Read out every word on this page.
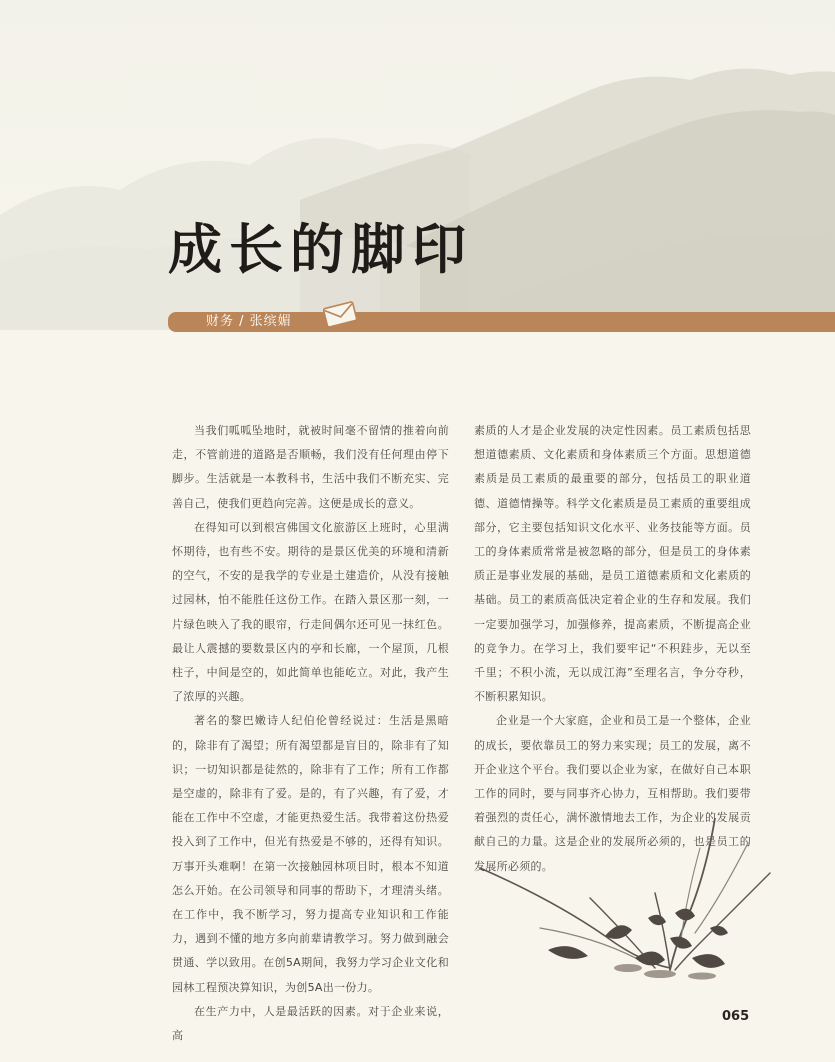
成长的脚印
财务 / 张缤媚

当我们呱呱坠地时，就被时间毫不留情的推着向前走，不管前进的道路是否顺畅，我们没有任何理由停下脚步。生活就是一本教科书，生活中我们不断充实、完善自己，使我们更趋向完善。这便是成长的意义。

在得知可以到根宫佛国文化旅游区上班时，心里满怀期待，也有些不安。期待的是景区优美的环境和清新的空气，不安的是我学的专业是土建造价，从没有接触过园林，怕不能胜任这份工作。在踏入景区那一刻，一片绿色映入了我的眼帘，行走间偶尔还可见一抹红色。最让人震撼的要数景区内的亭和长廊，一个屋顶，几根柱子，中间是空的，如此简单也能屹立。对此，我产生了浓厚的兴趣。

著名的黎巴嫩诗人纪伯伦曾经说过：生活是黑暗的，除非有了渴望；所有渴望都是盲目的，除非有了知识；一切知识都是徒然的，除非有了工作；所有工作都是空虚的，除非有了爱。是的，有了兴趣，有了爱，才能在工作中不空虚，才能更热爱生活。我带着这份热爱投入到了工作中，但光有热爱是不够的，还得有知识。万事开头难啊！在第一次接触园林项目时，根本不知道怎么开始。在公司领导和同事的帮助下，才理清头绪。在工作中，我不断学习，努力提高专业知识和工作能力，遇到不懂的地方多向前辈请教学习。努力做到融会贯通、学以致用。在创5A期间，我努力学习企业文化和园林工程预决算知识，为创5A出一份力。

在生产力中，人是最活跃的因素。对于企业来说，高

素质的人才是企业发展的决定性因素。员工素质包括思想道德素质、文化素质和身体素质三个方面。思想道德素质是员工素质的最重要的部分，包括员工的职业道德、道德情操等。科学文化素质是员工素质的重要组成部分，它主要包括知识文化水平、业务技能等方面。员工的身体素质常常是被忽略的部分，但是员工的身体素质正是事业发展的基础，是员工道德素质和文化素质的基础。员工的素质高低决定着企业的生存和发展。我们一定要加强学习，加强修养，提高素质，不断提高企业的竞争力。在学习上，我们要牢记“不积跬步，无以至千里；不积小流，无以成江海”至理名言，争分夺秒，不断积累知识。

企业是一个大家庭，企业和员工是一个整体，企业的成长，要依靠员工的努力来实现；员工的发展，离不开企业这个平台。我们要以企业为家，在做好自己本职工作的同时，要与同事齐心协力，互相帮助。我们要带着强烈的责任心，满怀激情地去工作，为企业的发展贡献自己的力量。这是企业的发展所必须的，也是员工的发展所必须的。

065
